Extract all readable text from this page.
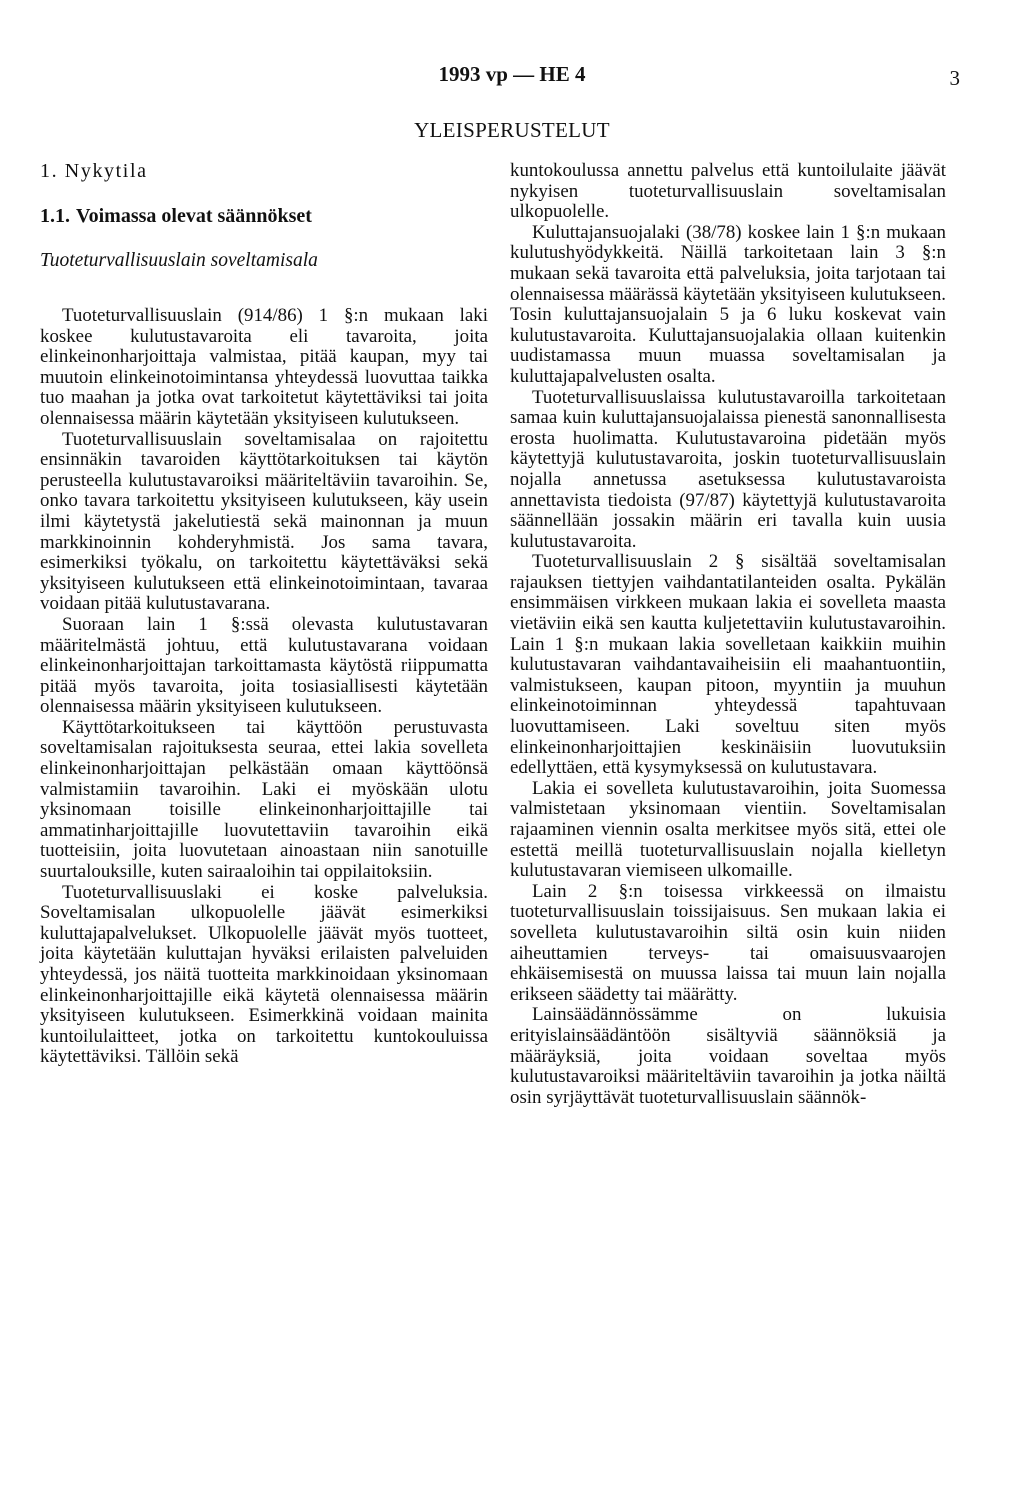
1993 vp — HE 4	3
YLEISPERUSTELUT
1. Nykytila
1.1. Voimassa olevat säännökset
Tuoteturvallisuuslain soveltamisala

Tuoteturvallisuuslain (914/86) 1 §:n mukaan laki koskee kulutustavaroita eli tavaroita, joita elinkeinonharjoittaja valmistaa, pitää kaupan, myy tai muutoin elinkeinotoimintansa yhteydessä luovuttaa taikka tuo maahan ja jotka ovat tarkoitetut käytettäviksi tai joita olennaisessa määrin käytetään yksityiseen kulutukseen.

Tuoteturvallisuuslain soveltamisalaa on rajoitettu ensinnäkin tavaroiden käyttötarkoituksen tai käytön perusteella kulutustavaroiksi määriteltäviin tavaroihin. Se, onko tavara tarkoitettu yksityiseen kulutukseen, käy usein ilmi käytetystä jakelutiestä sekä mainonnan ja muun markkinoinnin kohderyhmistä. Jos sama tavara, esimerkiksi työkalu, on tarkoitettu käytettäväksi sekä yksityiseen kulutukseen että elinkeinotoimintaan, tavaraa voidaan pitää kulutustavarana.

Suoraan lain 1 §:ssä olevasta kulutustavaran määritelmästä johtuu, että kulutustavarana voidaan elinkeinonharjoittajan tarkoittamasta käytöstä riippumatta pitää myös tavaroita, joita tosiasiallisesti käytetään olennaisessa määrin yksityiseen kulutukseen.

Käyttötarkoitukseen tai käyttöön perustuvasta soveltamisalan rajoituksesta seuraa, ettei lakia sovelleta elinkeinonharjoittajan pelkästään omaan käyttöönsä valmistamiin tavaroihin. Laki ei myöskään ulotu yksinomaan toisille elinkeinonharjoittajille tai ammatinharjoittajille luovutettaviin tavaroihin eikä tuotteisiin, joita luovutetaan ainoastaan niin sanotuille suurtalouksille, kuten sairaaloihin tai oppilaitoksiin.

Tuoteturvallisuuslaki ei koske palveluksia. Soveltamisalan ulkopuolelle jäävät esimerkiksi kuluttajapalvelukset. Ulkopuolelle jäävät myös tuotteet, joita käytetään kuluttajan hyväksi erilaisten palveluiden yhteydessä, jos näitä tuotteita markkinoidaan yksinomaan elinkeinonharjoittajille eikä käytetä olennaisessa määrin yksityiseen kulutukseen. Esimerkkinä voidaan mainita kuntoilulaitteet, jotka on tarkoitettu kuntokouluissa käytettäviksi. Tällöin sekä

kuntokoulussa annettu palvelus että kuntoilulaite jäävät nykyisen tuoteturvallisuuslain soveltamisalan ulkopuolelle.

Kuluttajansuojalaki (38/78) koskee lain 1 §:n mukaan kulutushyödykkeitä. Näillä tarkoitetaan lain 3 §:n mukaan sekä tavaroita että palveluksia, joita tarjotaan tai olennaisessa määrässä käytetään yksityiseen kulutukseen. Tosin kuluttajansuojalain 5 ja 6 luku koskevat vain kulutustavaroita. Kuluttajansuojalakia ollaan kuitenkin uudistamassa muun muassa soveltamisalan ja kuluttajapalvelusten osalta.

Tuoteturvallisuuslaissa kulutustavaroilla tarkoitetaan samaa kuin kuluttajansuojalaissa pienestä sanonnallisesta erosta huolimatta. Kulutustavaroina pidetään myös käytettyjä kulutustavaroita, joskin tuoteturvallisuuslain nojalla annetussa asetuksessa kulutustavaroista annettavista tiedoista (97/87) käytettyjä kulutustavaroita säännellään jossakin määrin eri tavalla kuin uusia kulutustavaroita.

Tuoteturvallisuuslain 2 § sisältää soveltamisalan rajauksen tiettyjen vaihdantatilanteiden osalta. Pykälän ensimmäisen virkkeen mukaan lakia ei sovelleta maasta vietäviin eikä sen kautta kuljetettaviin kulutustavaroihin. Lain 1 §:n mukaan lakia sovelletaan kaikkiin muihin kulutustavaran vaihdantavaiheisiin eli maahantuontiin, valmistukseen, kaupan pitoon, myyntiin ja muuhun elinkeinotoiminnan yhteydessä tapahtuvaan luovuttamiseen. Laki soveltuu siten myös elinkeinonharjoittajien keskinäisiin luovutuksiin edellyttäen, että kysymyksessä on kulutustavara.

Lakia ei sovelleta kulutustavaroihin, joita Suomessa valmistetaan yksinomaan vientiin. Soveltamisalan rajaaminen viennin osalta merkitsee myös sitä, ettei ole estettä meillä tuoteturvallisuuslain nojalla kielletyn kulutustavaran viemiseen ulkomaille.

Lain 2 §:n toisessa virkkeessä on ilmaistu tuoteturvallisuuslain toissijaisuus. Sen mukaan lakia ei sovelleta kulutustavaroihin siltä osin kuin niiden aiheuttamien terveys- tai omaisuusvaarojen ehkäisemisestä on muussa laissa tai muun lain nojalla erikseen säädetty tai määrätty.

Lainsäädännössämme on lukuisia erityislainsäädäntöön sisältyviä säännöksiä ja määräyksiä, joita voidaan soveltaa myös kulutustavaroiksi määriteltäviin tavaroihin ja jotka näiltä osin syrjäyttävät tuoteturvallisuuslain säännök-
